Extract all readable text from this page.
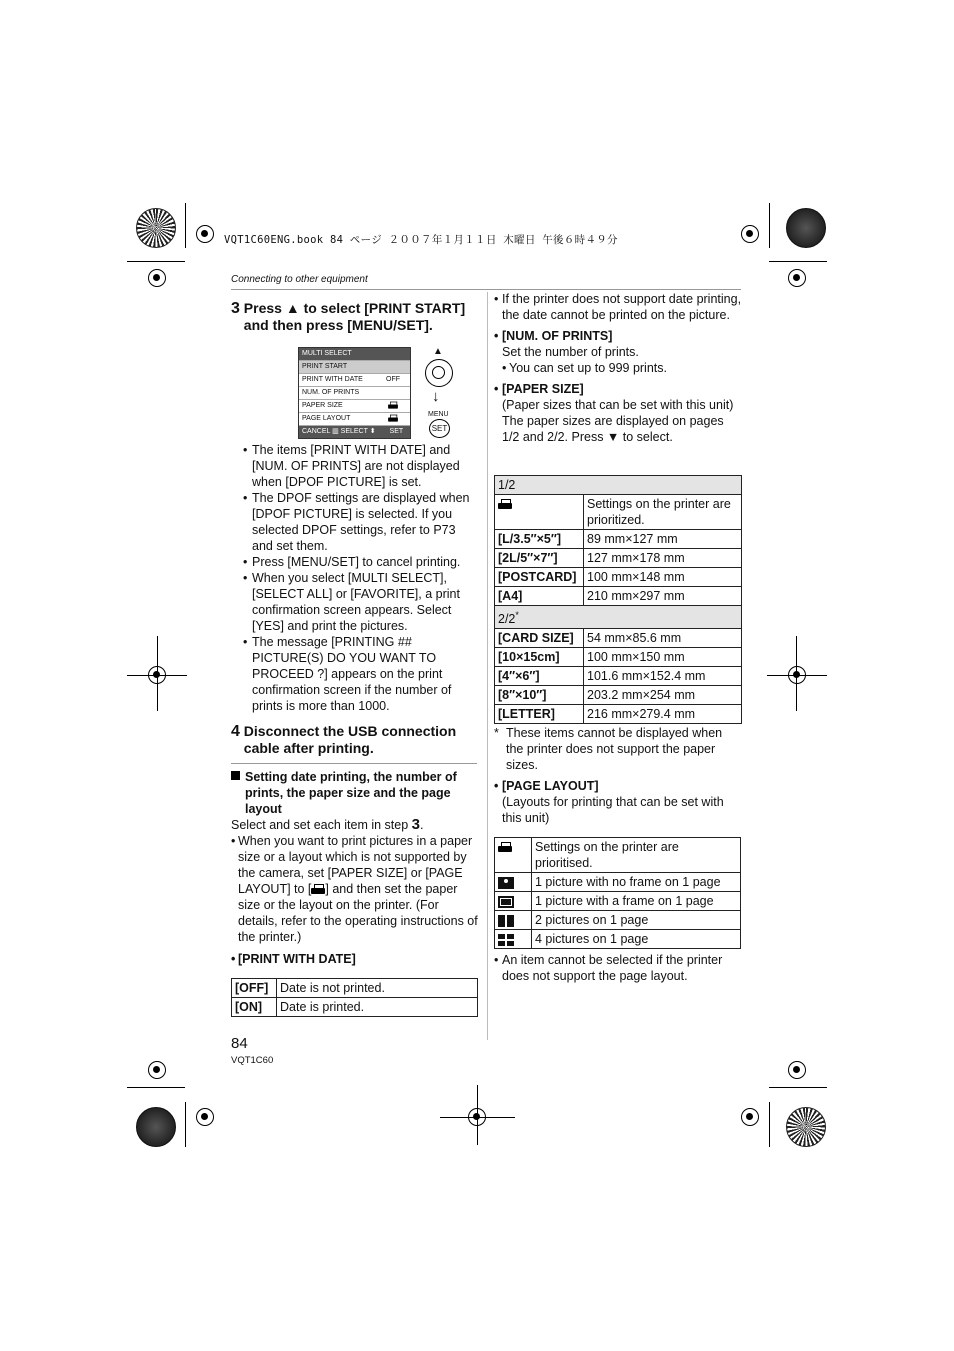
VQT1C60ENG.book 84 ページ ２００７年１月１１日 木曜日 午後６時４９分
Connecting to other equipment
3 Press ▲ to select [PRINT START] and then press [MENU/SET].
MULTI SELECT
PRINT START
PRINT WITH DATE	OFF
NUM. OF PRINTS
PAPER SIZE
PAGE LAYOUT
CANCEL ▥ SELECT ⬍ SET
▲
↓
MENU
SET
• The items [PRINT WITH DATE] and [NUM. OF PRINTS] are not displayed when [DPOF PICTURE] is set.
• The DPOF settings are displayed when [DPOF PICTURE] is selected. If you selected DPOF settings, refer to P73 and set them.
• Press [MENU/SET] to cancel printing.
• When you select [MULTI SELECT], [SELECT ALL] or [FAVORITE], a print confirmation screen appears. Select [YES] and print the pictures.
• The message [PRINTING ## PICTURE(S) DO YOU WANT TO PROCEED ?] appears on the print confirmation screen if the number of prints is more than 1000.
4 Disconnect the USB connection cable after printing.
Setting date printing, the number of prints, the paper size and the page layout
Select and set each item in step 3.
• When you want to print pictures in a paper size or a layout which is not supported by the camera, set [PAPER SIZE] or [PAGE LAYOUT] to [ ] and then set the paper size or the layout on the printer. (For details, refer to the operating instructions of the printer.)
• [PRINT WITH DATE]
[OFF]	Date is not printed.
[ON]	Date is printed.
84
VQT1C60
• If the printer does not support date printing, the date cannot be printed on the picture.
• [NUM. OF PRINTS]
Set the number of prints.
• You can set up to 999 prints.
• [PAPER SIZE]
(Paper sizes that can be set with this unit)
The paper sizes are displayed on pages 1/2 and 2/2. Press ▼ to select.
1/2	
	Settings on the printer are prioritized.
[L/3.5″×5″]	89 mm×127 mm
[2L/5″×7″]	127 mm×178 mm
[POSTCARD]	100 mm×148 mm
[A4]	210 mm×297 mm
2/2*
[CARD SIZE]	54 mm×85.6 mm
[10×15cm]	100 mm×150 mm
[4″×6″]	101.6 mm×152.4 mm
[8″×10″]	203.2 mm×254 mm
[LETTER]	216 mm×279.4 mm
* These items cannot be displayed when the printer does not support the paper sizes.
• [PAGE LAYOUT]
(Layouts for printing that can be set with this unit)
	Settings on the printer are prioritised.

	1 picture with no frame on 1 page

	1 picture with a frame on 1 page

	2 pictures on 1 page

	4 pictures on 1 page
• An item cannot be selected if the printer does not support the page layout.
